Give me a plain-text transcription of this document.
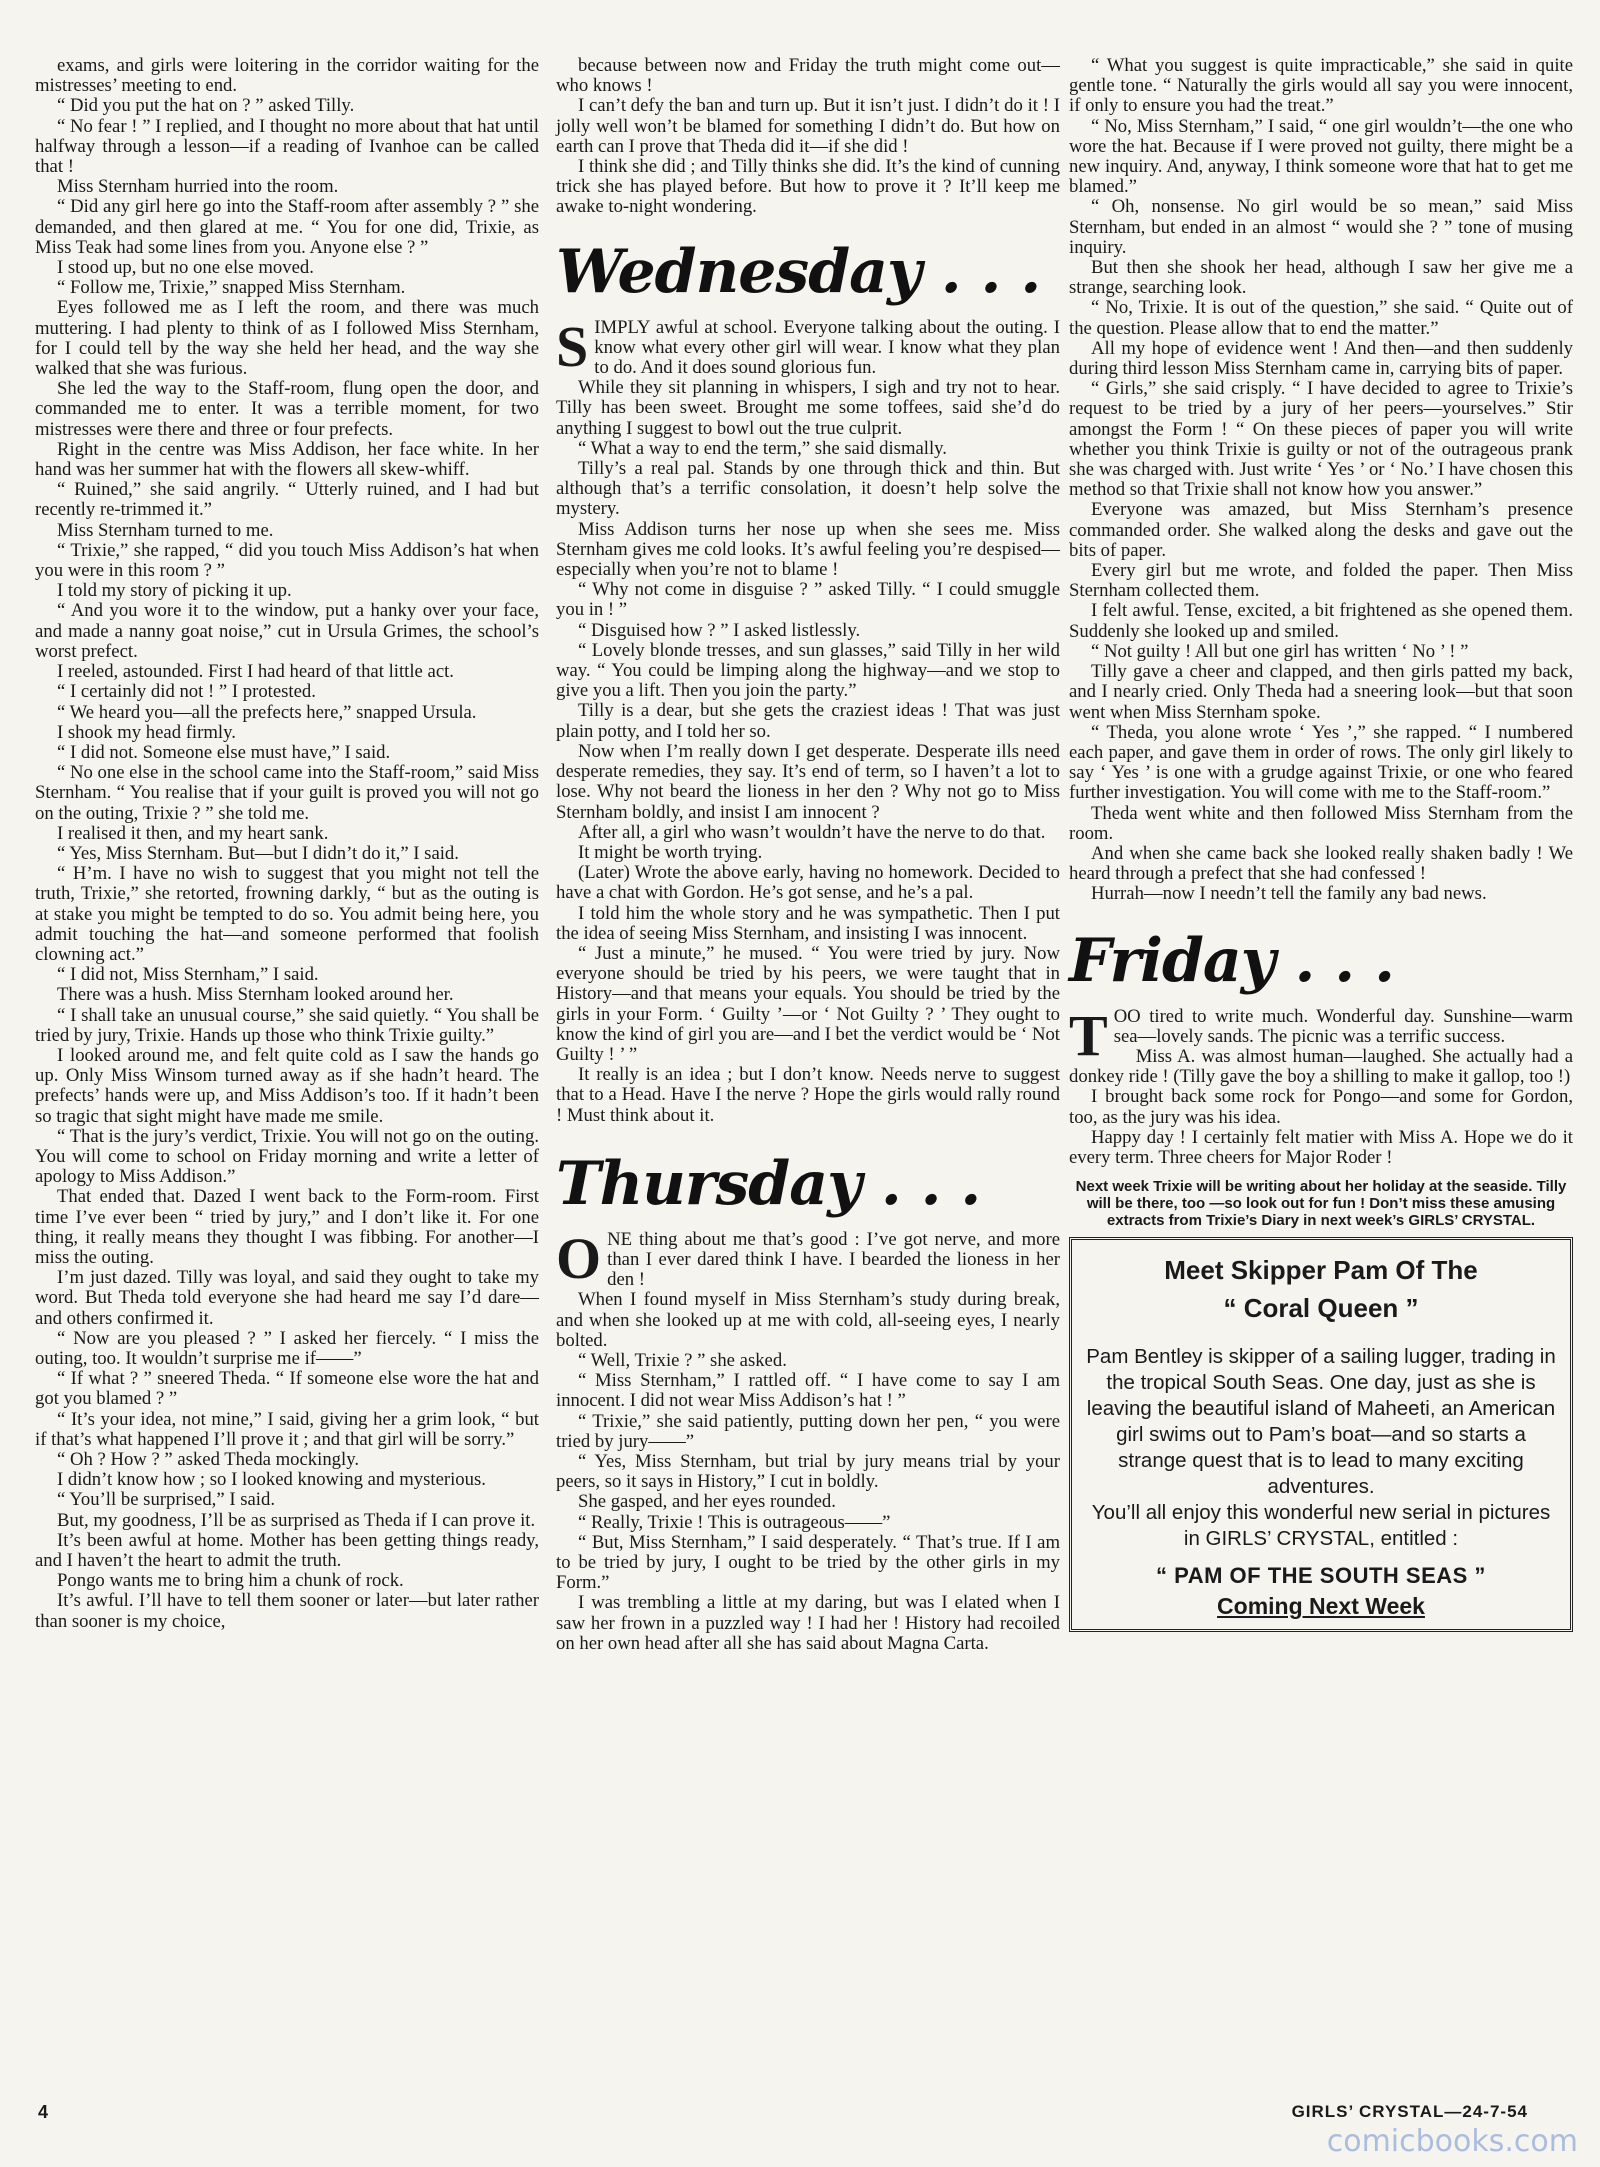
exams, and girls were loitering in the corridor waiting for the mistresses’ meeting to end.

“ Did you put the hat on ? ” asked Tilly.

“ No fear ! ” I replied, and I thought no more about that hat until halfway through a lesson—if a reading of Ivanhoe can be called that !

Miss Sternham hurried into the room.

“ Did any girl here go into the Staff-room after assembly ? ” she demanded, and then glared at me. “ You for one did, Trixie, as Miss Teak had some lines from you. Anyone else ? ”

I stood up, but no one else moved.

“ Follow me, Trixie,” snapped Miss Sternham.

Eyes followed me as I left the room, and there was much muttering. I had plenty to think of as I followed Miss Sternham, for I could tell by the way she held her head, and the way she walked that she was furious.

She led the way to the Staff-room, flung open the door, and commanded me to enter. It was a terrible moment, for two mistresses were there and three or four prefects.

Right in the centre was Miss Addison, her face white. In her hand was her summer hat with the flowers all skew-whiff.

“ Ruined,” she said angrily. “ Utterly ruined, and I had but recently re-trimmed it.”

Miss Sternham turned to me.

“ Trixie,” she rapped, “ did you touch Miss Addison’s hat when you were in this room ? ”

I told my story of picking it up.

“ And you wore it to the window, put a hanky over your face, and made a nanny goat noise,” cut in Ursula Grimes, the school’s worst prefect.

I reeled, astounded. First I had heard of that little act.

“ I certainly did not ! ” I protested.

“ We heard you—all the prefects here,” snapped Ursula.

I shook my head firmly.

“ I did not. Someone else must have,” I said.

“ No one else in the school came into the Staff-room,” said Miss Sternham. “ You realise that if your guilt is proved you will not go on the outing, Trixie ? ” she told me.

I realised it then, and my heart sank.

“ Yes, Miss Sternham. But—but I didn’t do it,” I said.

“ H’m. I have no wish to suggest that you might not tell the truth, Trixie,” she retorted, frowning darkly, “ but as the outing is at stake you might be tempted to do so. You admit being here, you admit touching the hat—and someone performed that foolish clowning act.”

“ I did not, Miss Sternham,” I said.

There was a hush. Miss Sternham looked around her.

“ I shall take an unusual course,” she said quietly. “ You shall be tried by jury, Trixie. Hands up those who think Trixie guilty.”

I looked around me, and felt quite cold as I saw the hands go up. Only Miss Winsom turned away as if she hadn’t heard. The prefects’ hands were up, and Miss Addison’s too. If it hadn’t been so tragic that sight might have made me smile.

“ That is the jury’s verdict, Trixie. You will not go on the outing. You will come to school on Friday morning and write a letter of apology to Miss Addison.”

That ended that. Dazed I went back to the Form-room. First time I’ve ever been “ tried by jury,” and I don’t like it. For one thing, it really means they thought I was fibbing. For another—I miss the outing.

I’m just dazed. Tilly was loyal, and said they ought to take my word. But Theda told everyone she had heard me say I’d dare—and others confirmed it.

“ Now are you pleased ? ” I asked her fiercely. “ I miss the outing, too. It wouldn’t surprise me if——”

“ If what ? ” sneered Theda. “ If someone else wore the hat and got you blamed ? ”

“ It’s your idea, not mine,” I said, giving her a grim look, “ but if that’s what happened I’ll prove it ; and that girl will be sorry.”

“ Oh ? How ? ” asked Theda mockingly.

I didn’t know how ; so I looked knowing and mysterious.

“ You’ll be surprised,” I said.

But, my goodness, I’ll be as surprised as Theda if I can prove it.

It’s been awful at home. Mother has been getting things ready, and I haven’t the heart to admit the truth.

Pongo wants me to bring him a chunk of rock.

It’s awful. I’ll have to tell them sooner or later—but later rather than sooner is my choice,

because between now and Friday the truth might come out—who knows !

I can’t defy the ban and turn up. But it isn’t just. I didn’t do it ! I jolly well won’t be blamed for something I didn’t do. But how on earth can I prove that Theda did it—if she did !

I think she did ; and Tilly thinks she did. It’s the kind of cunning trick she has played before. But how to prove it ? It’ll keep me awake to-night wondering.

Wednesday . . .

SIMPLY awful at school. Everyone talking about the outing. I know what every other girl will wear. I know what they plan to do. And it does sound glorious fun.

While they sit planning in whispers, I sigh and try not to hear. Tilly has been sweet. Brought me some toffees, said she’d do anything I suggest to bowl out the true culprit.

“ What a way to end the term,” she said dismally.

Tilly’s a real pal. Stands by one through thick and thin. But although that’s a terrific consolation, it doesn’t help solve the mystery.

Miss Addison turns her nose up when she sees me. Miss Sternham gives me cold looks. It’s awful feeling you’re despised—especially when you’re not to blame !

“ Why not come in disguise ? ” asked Tilly. “ I could smuggle you in ! ”

“ Disguised how ? ” I asked listlessly.

“ Lovely blonde tresses, and sun glasses,” said Tilly in her wild way. “ You could be limping along the highway—and we stop to give you a lift. Then you join the party.”

Tilly is a dear, but she gets the craziest ideas ! That was just plain potty, and I told her so.

Now when I’m really down I get desperate. Desperate ills need desperate remedies, they say. It’s end of term, so I haven’t a lot to lose. Why not beard the lioness in her den ? Why not go to Miss Sternham boldly, and insist I am innocent ?

After all, a girl who wasn’t wouldn’t have the nerve to do that.

It might be worth trying.

(Later) Wrote the above early, having no homework. Decided to have a chat with Gordon. He’s got sense, and he’s a pal.

I told him the whole story and he was sympathetic. Then I put the idea of seeing Miss Sternham, and insisting I was innocent.

“ Just a minute,” he mused. “ You were tried by jury. Now everyone should be tried by his peers, we were taught that in History—and that means your equals. You should be tried by the girls in your Form. ‘ Guilty ’—or ‘ Not Guilty ? ’ They ought to know the kind of girl you are—and I bet the verdict would be ‘ Not Guilty ! ’ ”

It really is an idea ; but I don’t know. Needs nerve to suggest that to a Head. Have I the nerve ? Hope the girls would rally round ! Must think about it.

Thursday . . .

ONE thing about me that’s good : I’ve got nerve, and more than I ever dared think I have. I bearded the lioness in her den !

When I found myself in Miss Sternham’s study during break, and when she looked up at me with cold, all-seeing eyes, I nearly bolted.

“ Well, Trixie ? ” she asked.

“ Miss Sternham,” I rattled off. “ I have come to say I am innocent. I did not wear Miss Addison’s hat ! ”

“ Trixie,” she said patiently, putting down her pen, “ you were tried by jury——”

“ Yes, Miss Sternham, but trial by jury means trial by your peers, so it says in History,” I cut in boldly.

She gasped, and her eyes rounded.

“ Really, Trixie ! This is outrageous——”

“ But, Miss Sternham,” I said desperately. “ That’s true. If I am to be tried by jury, I ought to be tried by the other girls in my Form.”

I was trembling a little at my daring, but was I elated when I saw her frown in a puzzled way ! I had her ! History had recoiled on her own head after all she has said about Magna Carta.

“ What you suggest is quite impracticable,” she said in quite gentle tone. “ Naturally the girls would all say you were innocent, if only to ensure you had the treat.”

“ No, Miss Sternham,” I said, “ one girl wouldn’t—the one who wore the hat. Because if I were proved not guilty, there might be a new inquiry. And, anyway, I think someone wore that hat to get me blamed.”

“ Oh, nonsense. No girl would be so mean,” said Miss Sternham, but ended in an almost “ would she ? ” tone of musing inquiry.

But then she shook her head, although I saw her give me a strange, searching look.

“ No, Trixie. It is out of the question,” she said. “ Quite out of the question. Please allow that to end the matter.”

All my hope of evidence went ! And then—and then suddenly during third lesson Miss Sternham came in, carrying bits of paper.

“ Girls,” she said crisply. “ I have decided to agree to Trixie’s request to be tried by a jury of her peers—yourselves.” Stir amongst the Form ! “ On these pieces of paper you will write whether you think Trixie is guilty or not of the outrageous prank she was charged with. Just write ‘ Yes ’ or ‘ No.’ I have chosen this method so that Trixie shall not know how you answer.”

Everyone was amazed, but Miss Sternham’s presence commanded order. She walked along the desks and gave out the bits of paper.

Every girl but me wrote, and folded the paper. Then Miss Sternham collected them.

I felt awful. Tense, excited, a bit frightened as she opened them. Suddenly she looked up and smiled.

“ Not guilty ! All but one girl has written ‘ No ’ ! ”

Tilly gave a cheer and clapped, and then girls patted my back, and I nearly cried. Only Theda had a sneering look—but that soon went when Miss Sternham spoke.

“ Theda, you alone wrote ‘ Yes ’,” she rapped. “ I numbered each paper, and gave them in order of rows. The only girl likely to say ‘ Yes ’ is one with a grudge against Trixie, or one who feared further investigation. You will come with me to the Staff-room.”

Theda went white and then followed Miss Sternham from the room.

And when she came back she looked really shaken badly ! We heard through a prefect that she had confessed !

Hurrah—now I needn’t tell the family any bad news.

Friday . . .

TOO tired to write much. Wonderful day. Sunshine—warm sea—lovely sands. The picnic was a terrific success.

Miss A. was almost human—laughed. She actually had a donkey ride ! (Tilly gave the boy a shilling to make it gallop, too !)

I brought back some rock for Pongo—and some for Gordon, too, as the jury was his idea.

Happy day ! I certainly felt matier with Miss A. Hope we do it every term. Three cheers for Major Roder !

Next week Trixie will be writing about her holiday at the seaside. Tilly will be there, too —so look out for fun ! Don’t miss these amusing extracts from Trixie’s Diary in next week’s GIRLS’ CRYSTAL.
Meet Skipper Pam Of The
“ Coral Queen ”
Pam Bentley is skipper of a sailing lugger, trading in the tropical South Seas. One day, just as she is leaving the beautiful island of Maheeti, an American girl swims out to Pam’s boat—and so starts a strange quest that is to lead to many exciting adventures.
You’ll all enjoy this wonderful new serial in pictures in GIRLS’ CRYSTAL, entitled :
“ PAM OF THE SOUTH SEAS ”
Coming Next Week
4	GIRLS’ CRYSTAL—24-7-54
comicbooks.com
